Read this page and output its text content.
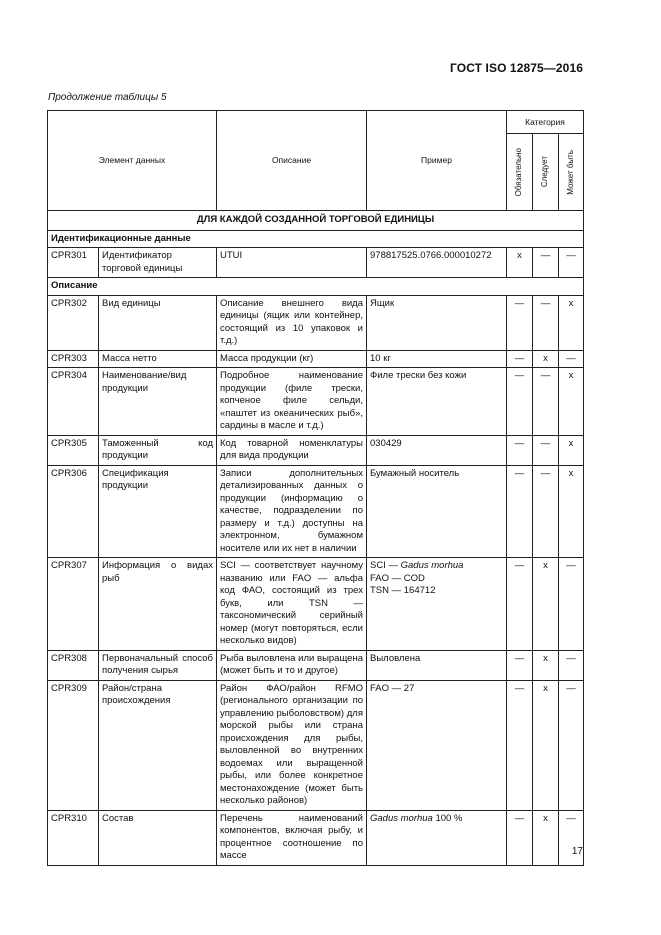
ГОСТ ISO 12875—2016
Продолжение таблицы 5
Элемент данных		Описание	Пример	Категория		

				Обязательно	Следует	Может быть

ДЛЯ КАЖДОЙ СОЗДАННОЙ ТОРГОВОЙ ЕДИНИЦЫ						
Идентификационные данные						
CPR301	Идентификатор торговой единицы	UTUI	978817525.0766.000010272	x	—	—
Описание						
CPR302	Вид единицы	Описание внешнего вида единицы (ящик или контейнер, состоящий из 10 упаковок и т.д.)	Ящик	—	—	x
CPR303	Масса нетто	Масса продукции (кг)	10 кг	—	x	—
CPR304	Наименование/вид продукции	Подробное наименование продукции (филе трески, копченое филе сельди, «паштет из океанических рыб», сардины в масле и т.д.)	Филе трески без кожи	—	—	x
CPR305	Таможенный код продукции	Код товарной номенклатуры для вида продукции	030429	—	—	x
CPR306	Спецификация продукции	Записи дополнительных детализированных данных о продукции (информацию о качестве, подразделении по размеру и т.д.) доступны на электронном, бумажном носителе или их нет в наличии	Бумажный носитель	—	—	x
CPR307	Информация о видах рыб	SCI — соответствует научному названию или FAO — альфа код ФАО, состоящий из трех букв, или TSN — таксономический серийный номер (могут повторяться, если несколько видов)	SCI — Gadus morhua
FAO — COD
TSN — 164712	—	x	—
CPR308	Первоначальный способ получения сырья	Рыба выловлена или выращена (может быть и то и другое)	Выловлена	—	x	—
CPR309	Район/страна происхождения	Район ФАО/район RFMO (регионального организации по управлению рыболовством) для морской рыбы или страна происхождения для рыбы, выловленной во внутренних водоемах или выращенной рыбы, или более конкретное местонахождение (может быть несколько районов)	FAO — 27	—	x	—
CPR310	Состав	Перечень наименований компонентов, включая рыбу, и процентное соотношение по массе	Gadus morhua 100 %	—	x	—
17
